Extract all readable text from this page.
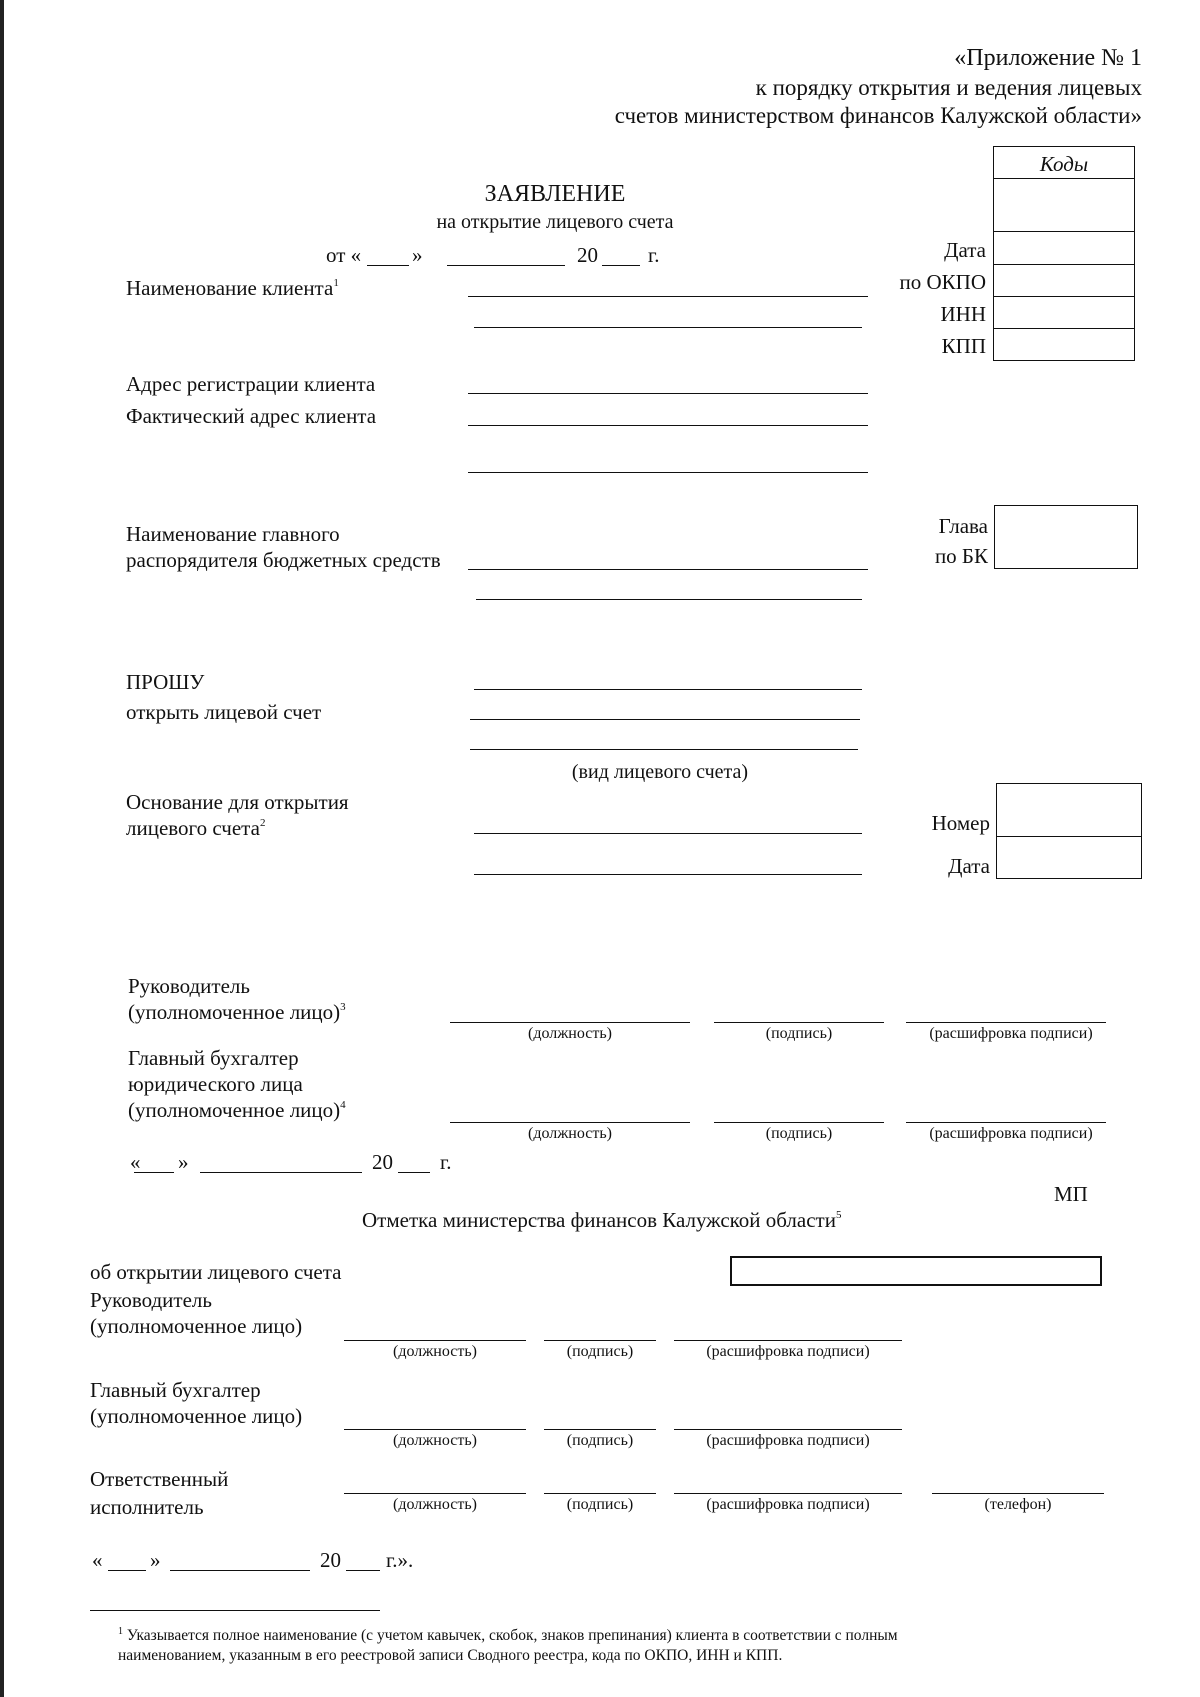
«Приложение № 1
к порядку открытия и ведения лицевых
счетов министерством финансов Калужской области»
Коды
Дата
по ОКПО
ИНН
КПП
ЗАЯВЛЕНИЕ
на открытие лицевого счета
от « »	20 г.
Наименование клиента$^1$
Адрес регистрации клиента
Фактический адрес клиента
Наименование главного
распорядителя бюджетных средств
Глава
по БК
ПРОШУ
открыть лицевой счет
(вид лицевого счета)
Основание для открытия
лицевого счета$^2$	Номер
Дата
Руководитель
(уполномоченное лицо)$^3$
(должность)	(подпись)	(расшифровка подписи)
Главный бухгалтер
юридического лица
(уполномоченное лицо)$^4$
(должность)	(подпись)	(расшифровка подписи)
« »	20 г.
МП
Отметка министерства финансов Калужской области$^5$
об открытии лицевого счета
Руководитель
(уполномоченное лицо)
(должность)	(подпись)	(расшифровка подписи)
Главный бухгалтер
(уполномоченное лицо)
(должность)	(подпись)	(расшифровка подписи)
Ответственный
исполнитель	(должность)	(подпись)	(расшифровка подписи)	(телефон)
« »	20 г.».
$^1$ Указывается полное наименование (с учетом кавычек, скобок, знаков препинания) клиента в соответствии с полным
наименованием, указанным в его реестровой записи Сводного реестра, кода по ОКПО, ИНН и КПП.
